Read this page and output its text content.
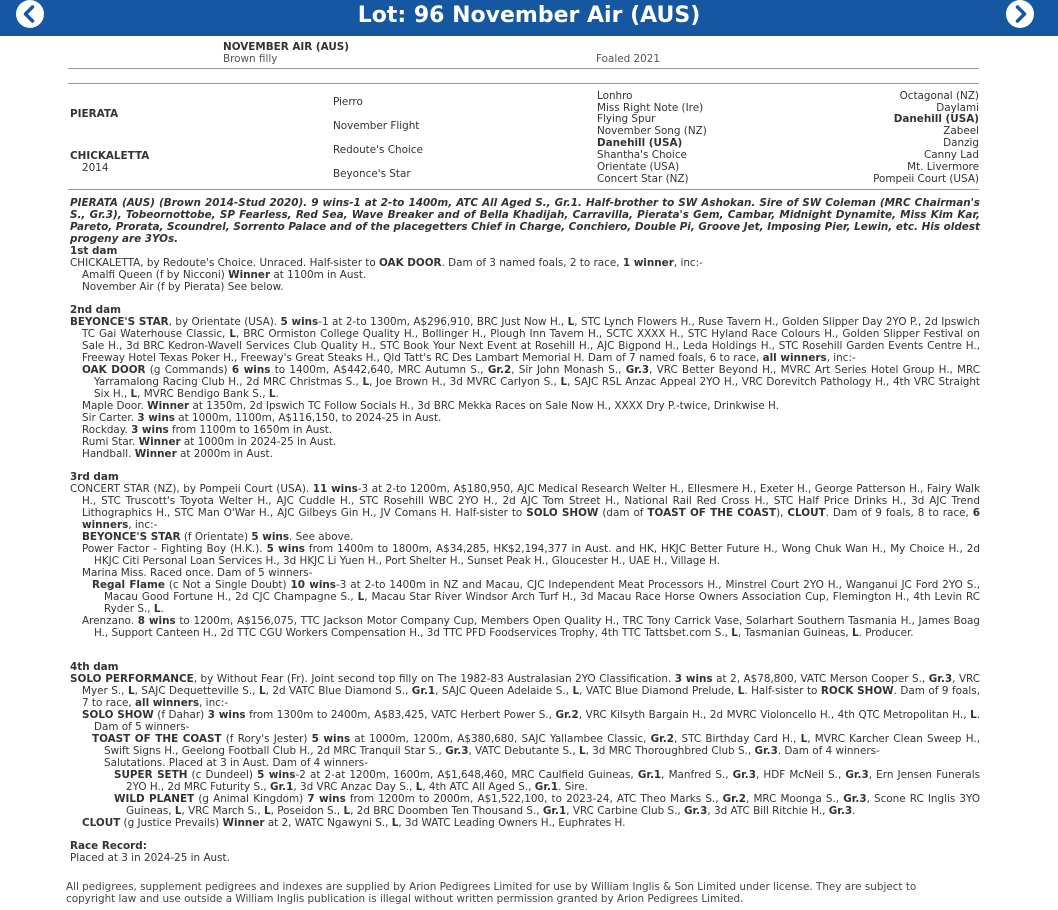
Lot: 96 November Air (AUS)
NOVEMBER AIR (AUS)
Brown filly	Foaled 2021
PIERATA
CHICKALETTA
2014
Pierro
November Flight
Redoute's Choice
Beyonce's Star
Lonhro
Miss Right Note (Ire)
Flying Spur
November Song (NZ)
Danehill (USA)
Shantha's Choice
Orientate (USA)
Concert Star (NZ)
Octagonal (NZ)
Daylami
Danehill (USA)
Zabeel
Danzig
Canny Lad
Mt. Livermore
Pompeii Court (USA)
PIERATA (AUS) (Brown 2014-Stud 2020). 9 wins-1 at 2-to 1400m, ATC All Aged S., Gr.1. Half-brother to SW Ashokan. Sire of SW Coleman (MRC Chairman's S., Gr.3), Tobeornottobe, SP Fearless, Red Sea, Wave Breaker and of Bella Khadijah, Carravilla, Pierata's Gem, Cambar, Midnight Dynamite, Miss Kim Kar, Pareto, Prorata, Scoundrel, Sorrento Palace and of the placegetters Chief in Charge, Conchiero, Double Pi, Groove Jet, Imposing Pier, Lewin, etc. His oldest progeny are 3YOs.

1st dam

CHICKALETTA, by Redoute's Choice. Unraced. Half-sister to OAK DOOR. Dam of 3 named foals, 2 to race, 1 winner, inc:-

Amalfi Queen (f by Nicconi) Winner at 1100m in Aust.

November Air (f by Pierata) See below.

2nd dam

BEYONCE'S STAR, by Orientate (USA). 5 wins-1 at 2-to 1300m, A$296,910, BRC Just Now H., L, STC Lynch Flowers H., Ruse Tavern H., Golden Slipper Day 2YO P., 2d Ipswich TC Gai Waterhouse Classic, L, BRC Ormiston College Quality H., Bollinger H., Plough Inn Tavern H., SCTC XXXX H., STC Hyland Race Colours H., Golden Slipper Festival on Sale H., 3d BRC Kedron-Wavell Services Club Quality H., STC Book Your Next Event at Rosehill H., AJC Bigpond H., Leda Holdings H., STC Rosehill Garden Events Centre H., Freeway Hotel Texas Poker H., Freeway's Great Steaks H., Qld Tatt's RC Des Lambart Memorial H. Dam of 7 named foals, 6 to race, all winners, inc:-

OAK DOOR (g Commands) 6 wins to 1400m, A$442,640, MRC Autumn S., Gr.2, Sir John Monash S., Gr.3, VRC Better Beyond H., MVRC Art Series Hotel Group H., MRC Yarramalong Racing Club H., 2d MRC Christmas S., L, Joe Brown H., 3d MVRC Carlyon S., L, SAJC RSL Anzac Appeal 2YO H., VRC Dorevitch Pathology H., 4th VRC Straight Six H., L, MVRC Bendigo Bank S., L.

Maple Door. Winner at 1350m, 2d Ipswich TC Follow Socials H., 3d BRC Mekka Races on Sale Now H., XXXX Dry P.-twice, Drinkwise H.

Sir Carter. 3 wins at 1000m, 1100m, A$116,150, to 2024-25 in Aust.

Rockday. 3 wins from 1100m to 1650m in Aust.

Rumi Star. Winner at 1000m in 2024-25 in Aust.

Handball. Winner at 2000m in Aust.

3rd dam

CONCERT STAR (NZ), by Pompeii Court (USA). 11 wins-3 at 2-to 1200m, A$180,950, AJC Medical Research Welter H., Ellesmere H., Exeter H., George Patterson H., Fairy Walk H., STC Truscott's Toyota Welter H., AJC Cuddle H., STC Rosehill WBC 2YO H., 2d AJC Tom Street H., National Rail Red Cross H., STC Half Price Drinks H., 3d AJC Trend Lithographics H., STC Man O'War H., AJC Gilbeys Gin H., JV Comans H. Half-sister to SOLO SHOW (dam of TOAST OF THE COAST), CLOUT. Dam of 9 foals, 8 to race, 6 winners, inc:-

BEYONCE'S STAR (f Orientate) 5 wins. See above.

Power Factor - Fighting Boy (H.K.). 5 wins from 1400m to 1800m, A$34,285, HK$2,194,377 in Aust. and HK, HKJC Better Future H., Wong Chuk Wan H., My Choice H., 2d HKJC Citi Personal Loan Services H., 3d HKJC Li Yuen H., Port Shelter H., Sunset Peak H., Gloucester H., UAE H., Village H.

Marina Miss. Raced once. Dam of 5 winners-

Regal Flame (c Not a Single Doubt) 10 wins-3 at 2-to 1400m in NZ and Macau, CJC Independent Meat Processors H., Minstrel Court 2YO H., Wanganui JC Ford 2YO S., Macau Good Fortune H., 2d CJC Champagne S., L, Macau Star River Windsor Arch Turf H., 3d Macau Race Horse Owners Association Cup, Flemington H., 4th Levin RC Ryder S., L.

Arenzano. 8 wins to 1200m, A$156,075, TTC Jackson Motor Company Cup, Members Open Quality H., TRC Tony Carrick Vase, Solarhart Southern Tasmania H., James Boag H., Support Canteen H., 2d TTC CGU Workers Compensation H., 3d TTC PFD Foodservices Trophy, 4th TTC Tattsbet.com S., L, Tasmanian Guineas, L. Producer.

4th dam

SOLO PERFORMANCE, by Without Fear (Fr). Joint second top filly on The 1982-83 Australasian 2YO Classification. 3 wins at 2, A$78,800, VATC Merson Cooper S., Gr.3, VRC Myer S., L, SAJC Dequetteville S., L, 2d VATC Blue Diamond S., Gr.1, SAJC Queen Adelaide S., L, VATC Blue Diamond Prelude, L. Half-sister to ROCK SHOW. Dam of 9 foals, 7 to race, all winners, inc:-

SOLO SHOW (f Dahar) 3 wins from 1300m to 2400m, A$83,425, VATC Herbert Power S., Gr.2, VRC Kilsyth Bargain H., 2d MVRC Violoncello H., 4th QTC Metropolitan H., L. Dam of 5 winners-

TOAST OF THE COAST (f Rory's Jester) 5 wins at 1000m, 1200m, A$380,680, SAJC Yallambee Classic, Gr.2, STC Birthday Card H., L, MVRC Karcher Clean Sweep H., Swift Signs H., Geelong Football Club H., 2d MRC Tranquil Star S., Gr.3, VATC Debutante S., L, 3d MRC Thoroughbred Club S., Gr.3. Dam of 4 winners-

Salutations. Placed at 3 in Aust. Dam of 4 winners-

SUPER SETH (c Dundeel) 5 wins-2 at 2-at 1200m, 1600m, A$1,648,460, MRC Caulfield Guineas, Gr.1, Manfred S., Gr.3, HDF McNeil S., Gr.3, Ern Jensen Funerals 2YO H., 2d MRC Futurity S., Gr.1, 3d VRC Anzac Day S., L, 4th ATC All Aged S., Gr.1. Sire.

WILD PLANET (g Animal Kingdom) 7 wins from 1200m to 2000m, A$1,522,100, to 2023-24, ATC Theo Marks S., Gr.2, MRC Moonga S., Gr.3, Scone RC Inglis 3YO Guineas, L, VRC March S., L, Poseidon S., L, 2d BRC Doomben Ten Thousand S., Gr.1, VRC Carbine Club S., Gr.3, 3d ATC Bill Ritchie H., Gr.3.

CLOUT (g Justice Prevails) Winner at 2, WATC Ngawyni S., L, 3d WATC Leading Owners H., Euphrates H.

Race Record:

Placed at 3 in 2024-25 in Aust.

All pedigrees, supplement pedigrees and indexes are supplied by Arion Pedigrees Limited for use by William Inglis & Son Limited under license. They are subject to copyright law and use outside a William Inglis publication is illegal without written permission granted by Arion Pedigrees Limited.
